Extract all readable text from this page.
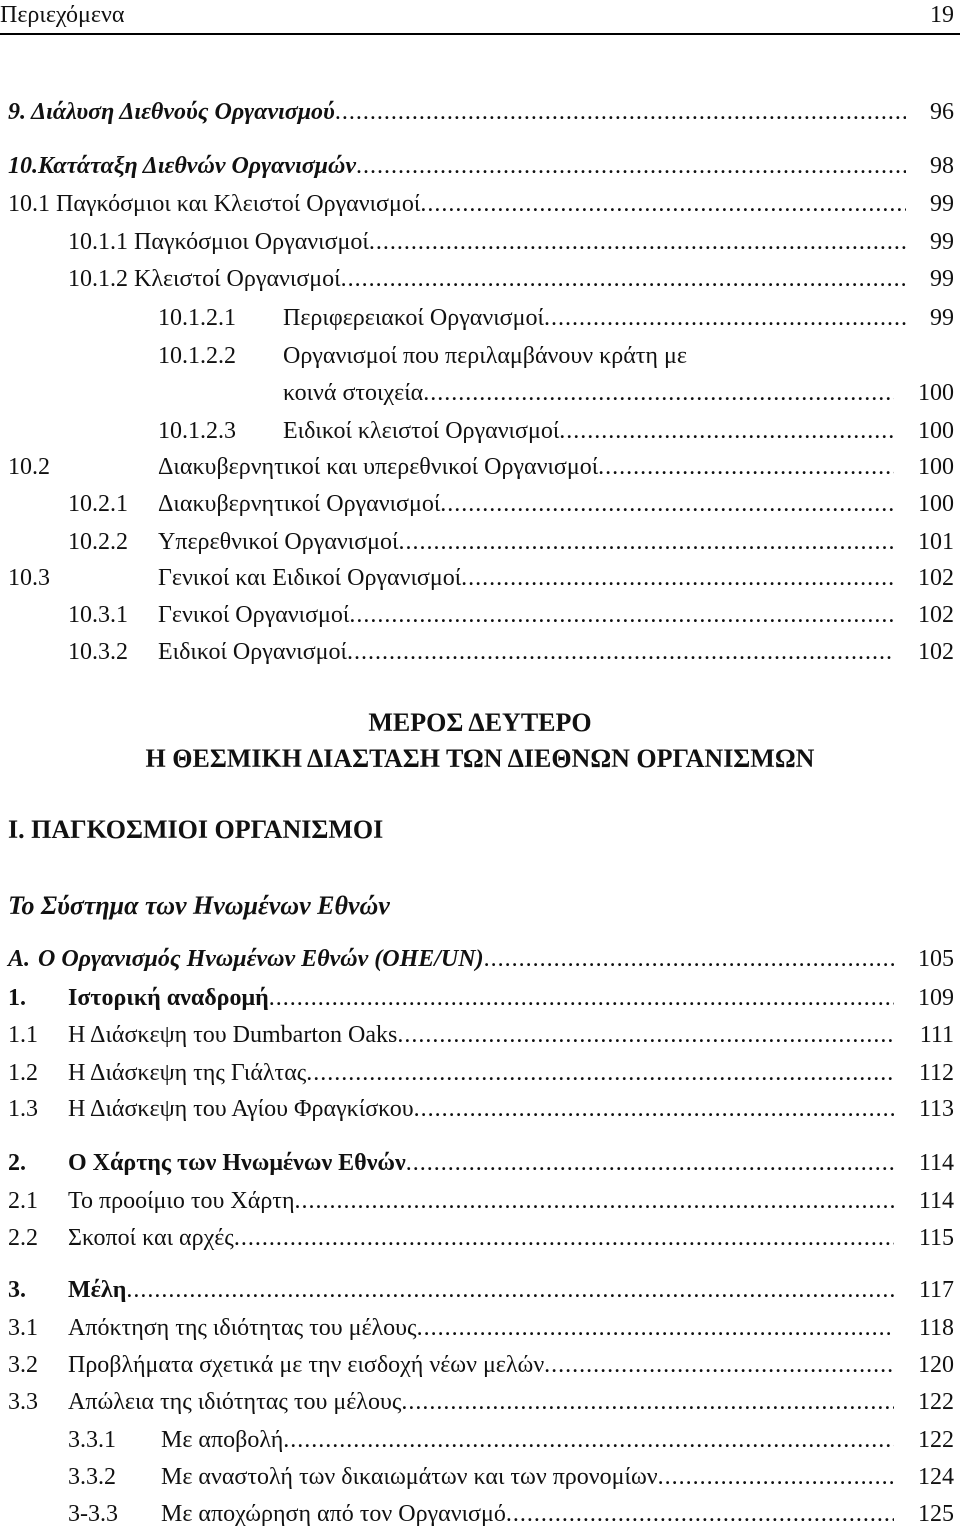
Περιεχόμενα	19
9. Διάλυση Διεθνούς Οργανισμού .....	96
10.Κατάταξη Διεθνών Οργανισμών .....	98
10.1 Παγκόσμιοι και Κλειστοί Οργανισμοί .....	99
10.1.1 Παγκόσμιοι Οργανισμοί .....	99
10.1.2 Κλειστοί Οργανισμοί .....	99
10.1.2.1 Περιφερειακοί Οργανισμοί .....	99
10.1.2.2 Οργανισμοί που περιλαμβάνουν κράτη με
κοινά στοιχεία .....	100
10.1.2.3 Ειδικοί κλειστοί Οργανισμοί .....	100
10.2	Διακυβερνητικοί και υπερεθνικοί Οργανισμοί .....	100
10.2.1 Διακυβερνητικοί Οργανισμοί .....	100
10.2.2 Υπερεθνικοί Οργανισμοί .....	101
10.3	Γενικοί και Ειδικοί Οργανισμοί .....	102
10.3.1 Γενικοί Οργανισμοί .....	102
10.3.2 Ειδικοί Οργανισμοί .....	102
ΜΕΡΟΣ ΔΕΥΤΕΡΟ
Η ΘΕΣΜΙΚΗ ΔΙΑΣΤΑΣΗ ΤΩΝ ΔΙΕΘΝΩΝ ΟΡΓΑΝΙΣΜΩΝ
Ι. ΠΑΓΚΟΣΜΙΟΙ ΟΡΓΑΝΙΣΜΟΙ
Το Σύστημα των Ηνωμένων Εθνών
Α. Ο Οργανισμός Ηνωμένων Εθνών (ΟΗΕ/UN) .....	105
1. Ιστορική αναδρομή .....	109
1.1 Η Διάσκεψη του Dumbarton Oaks .....	111
1.2 Η Διάσκεψη της Γιάλτας .....	112
1.3 Η Διάσκεψη του Αγίου Φραγκίσκου .....	113
2. Ο Χάρτης των Ηνωμένων Εθνών .....	114
2.1 Το προοίμιο του Χάρτη .....	114
2.2 Σκοποί και αρχές .....	115
3. Μέλη .....	117
3.1 Απόκτηση της ιδιότητας του μέλους .....	118
3.2 Προβλήματα σχετικά με την εισδοχή νέων μελών .....	120
3.3 Απώλεια της ιδιότητας του μέλους .....	122
3.3.1 Με αποβολή .....	122
3.3.2 Με αναστολή των δικαιωμάτων και των προνομίων .....	124
3-3.3 Με αποχώρηση από τον Οργανισμό .....	125
